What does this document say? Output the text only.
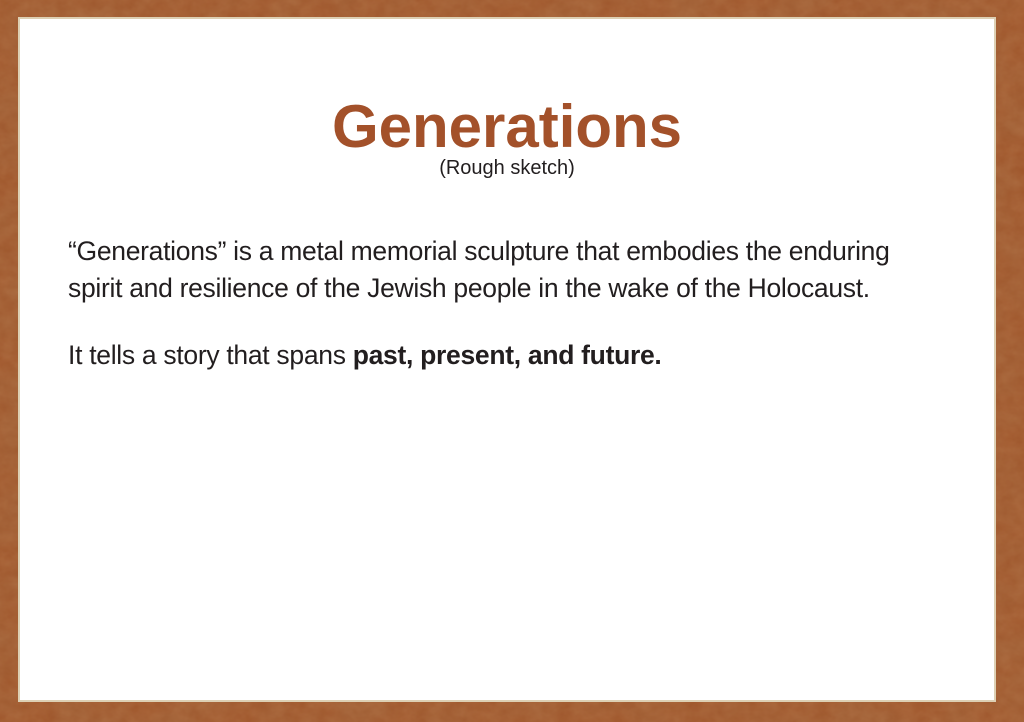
Generations
(Rough sketch)

“Generations” is a metal memorial sculpture that embodies the enduring
spirit and resilience of the Jewish people in the wake of the Holocaust.

It tells a story that spans past, present, and future.
